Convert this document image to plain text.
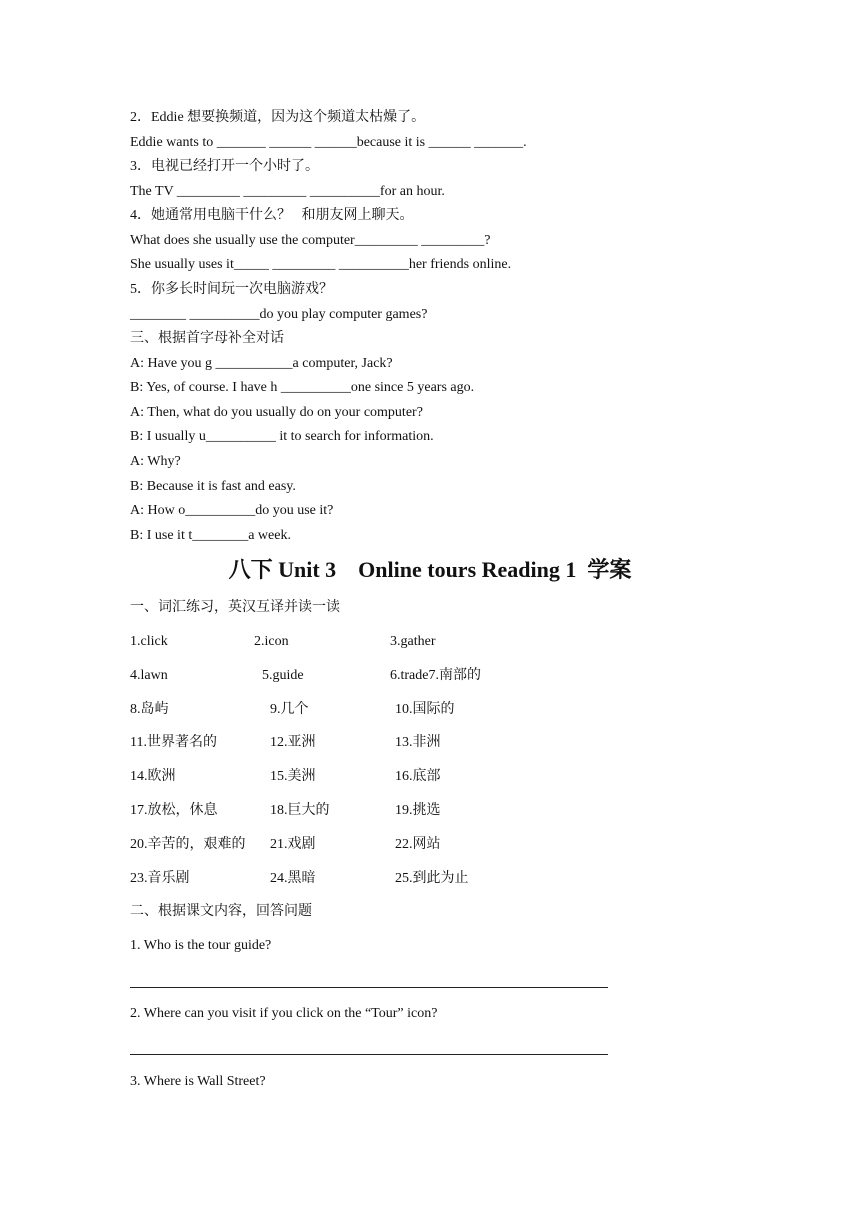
2．Eddie 想要换频道，因为这个频道太枯燥了。

Eddie wants to _______ ______ ______because it is ______ _______.

3．电视已经打开一个小时了。

The TV _________ _________ __________for an hour.

4．她通常用电脑干什么？   和朋友网上聊天。

What does she usually use the computer_________ _________?

She usually uses it_____ _________ __________her friends online.

5．你多长时间玩一次电脑游戏？

________ __________do you play computer games?

三、根据首字母补全对话

A: Have you g ___________a computer, Jack?

B: Yes, of course. I have h __________one since 5 years ago.

A: Then, what do you usually do on your computer?

B: I usually u__________ it to search for information.

A: Why?

B: Because it is fast and easy.

A: How o__________do you use it?

B: I use it t________a week.

八下 Unit 3    Online tours Reading 1  学案

一、词汇练习，英汉互译并读一读

1.click	2.icon	3.gather
4.lawn	5.guide	6.trade7.南部的
8.岛屿	9.几个	10.国际的
11.世界著名的	12.亚洲	13.非洲
14.欧洲	15.美洲	16.底部
17.放松，休息	18.巨大的	19.挑选
20.辛苦的，艰难的 21.戏剧	22.网站
23.音乐剧	24.黑暗	25.到此为止

二、根据课文内容，回答问题

1. Who is the tour guide?

2. Where can you visit if you click on the “Tour” icon?

3. Where is Wall Street?
